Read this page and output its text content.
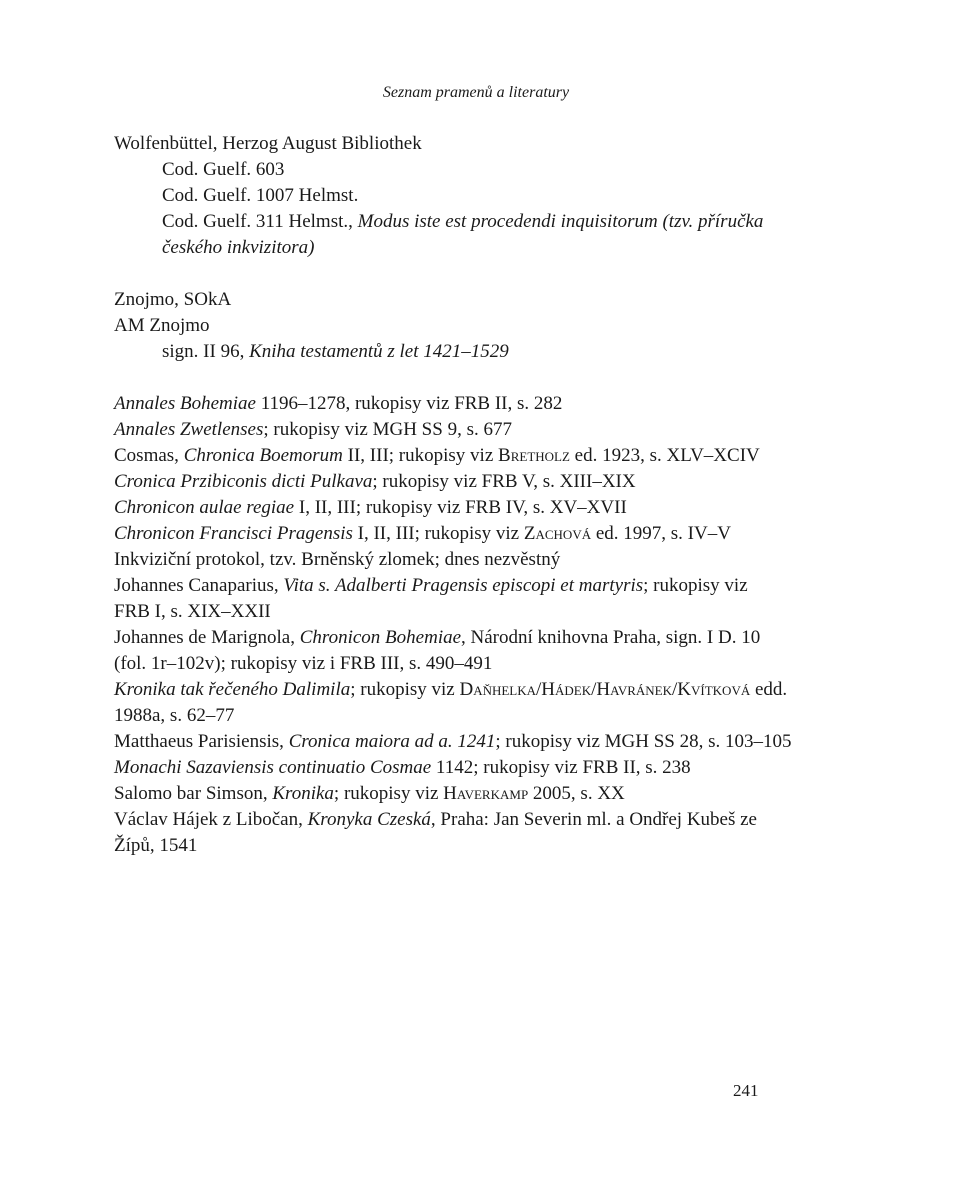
Seznam pramenů a literatury
Wolfenbüttel, Herzog August Bibliothek
Cod. Guelf. 603
Cod. Guelf. 1007 Helmst.
Cod. Guelf. 311 Helmst., Modus iste est procedendi inquisitorum (tzv. příručka
českého inkvizitora)
Znojmo, SOkA
AM Znojmo
sign. II 96, Kniha testamentů z let 1421–1529
Annales Bohemiae 1196–1278, rukopisy viz FRB II, s. 282
Annales Zwetlenses; rukopisy viz MGH SS 9, s. 677
Cosmas, Chronica Boemorum II, III; rukopisy viz Bretholz ed. 1923, s. XLV–XCIV
Cronica Przibiconis dicti Pulkava; rukopisy viz FRB V, s. XIII–XIX
Chronicon aulae regiae I, II, III; rukopisy viz FRB IV, s. XV–XVII
Chronicon Francisci Pragensis I, II, III; rukopisy viz Zachová ed. 1997, s. IV–V
Inkviziční protokol, tzv. Brněnský zlomek; dnes nezvěstný
Johannes Canaparius, Vita s. Adalberti Pragensis episcopi et martyris; rukopisy viz
FRB I, s. XIX–XXII
Johannes de Marignola, Chronicon Bohemiae, Národní knihovna Praha, sign. I D. 10
(fol. 1r–102v); rukopisy viz i FRB III, s. 490–491
Kronika tak řečeného Dalimila; rukopisy viz Daňhelka/Hádek/Havránek/Kvítková edd.
1988a, s. 62–77
Matthaeus Parisiensis, Cronica maiora ad a. 1241; rukopisy viz MGH SS 28, s. 103–105
Monachi Sazaviensis continuatio Cosmae 1142; rukopisy viz FRB II, s. 238
Salomo bar Simson, Kronika; rukopisy viz Haverkamp 2005, s. XX
Václav Hájek z Libočan, Kronyka Czeská, Praha: Jan Severin ml. a Ondřej Kubeš ze
Žípů, 1541
241
